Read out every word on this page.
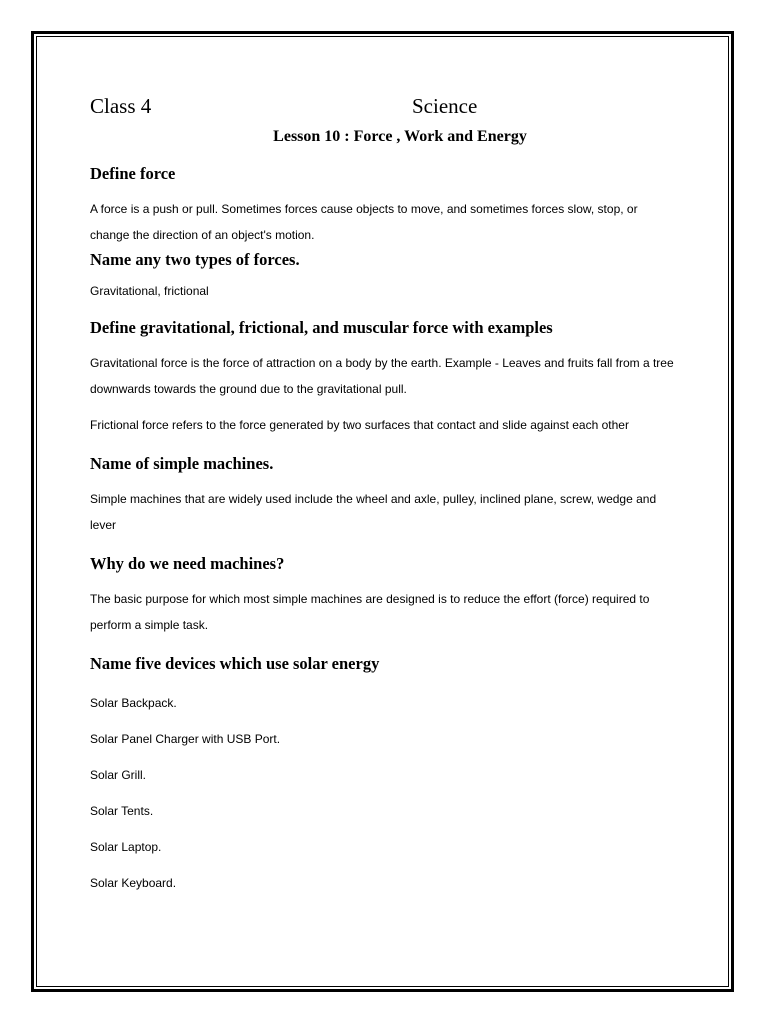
Class 4	Science
Lesson 10 : Force , Work and Energy
Define force
A force is a push or pull. Sometimes forces cause objects to move, and sometimes forces slow, stop, or change the direction of an object's motion.
Name any two types of forces.
Gravitational, frictional
Define gravitational, frictional, and muscular force with examples
Gravitational force is the force of attraction on a body by the earth. Example - Leaves and fruits fall from a tree downwards towards the ground due to the gravitational pull.
Frictional force refers to the force generated by two surfaces that contact and slide against each other
Name of simple machines.
Simple machines that are widely used include the wheel and axle, pulley, inclined plane, screw, wedge and lever
Why do we need machines?
The basic purpose for which most simple machines are designed is to reduce the effort (force) required to perform a simple task.
Name five devices which use solar energy
Solar Backpack.
Solar Panel Charger with USB Port.
Solar Grill.
Solar Tents.
Solar Laptop.
Solar Keyboard.
